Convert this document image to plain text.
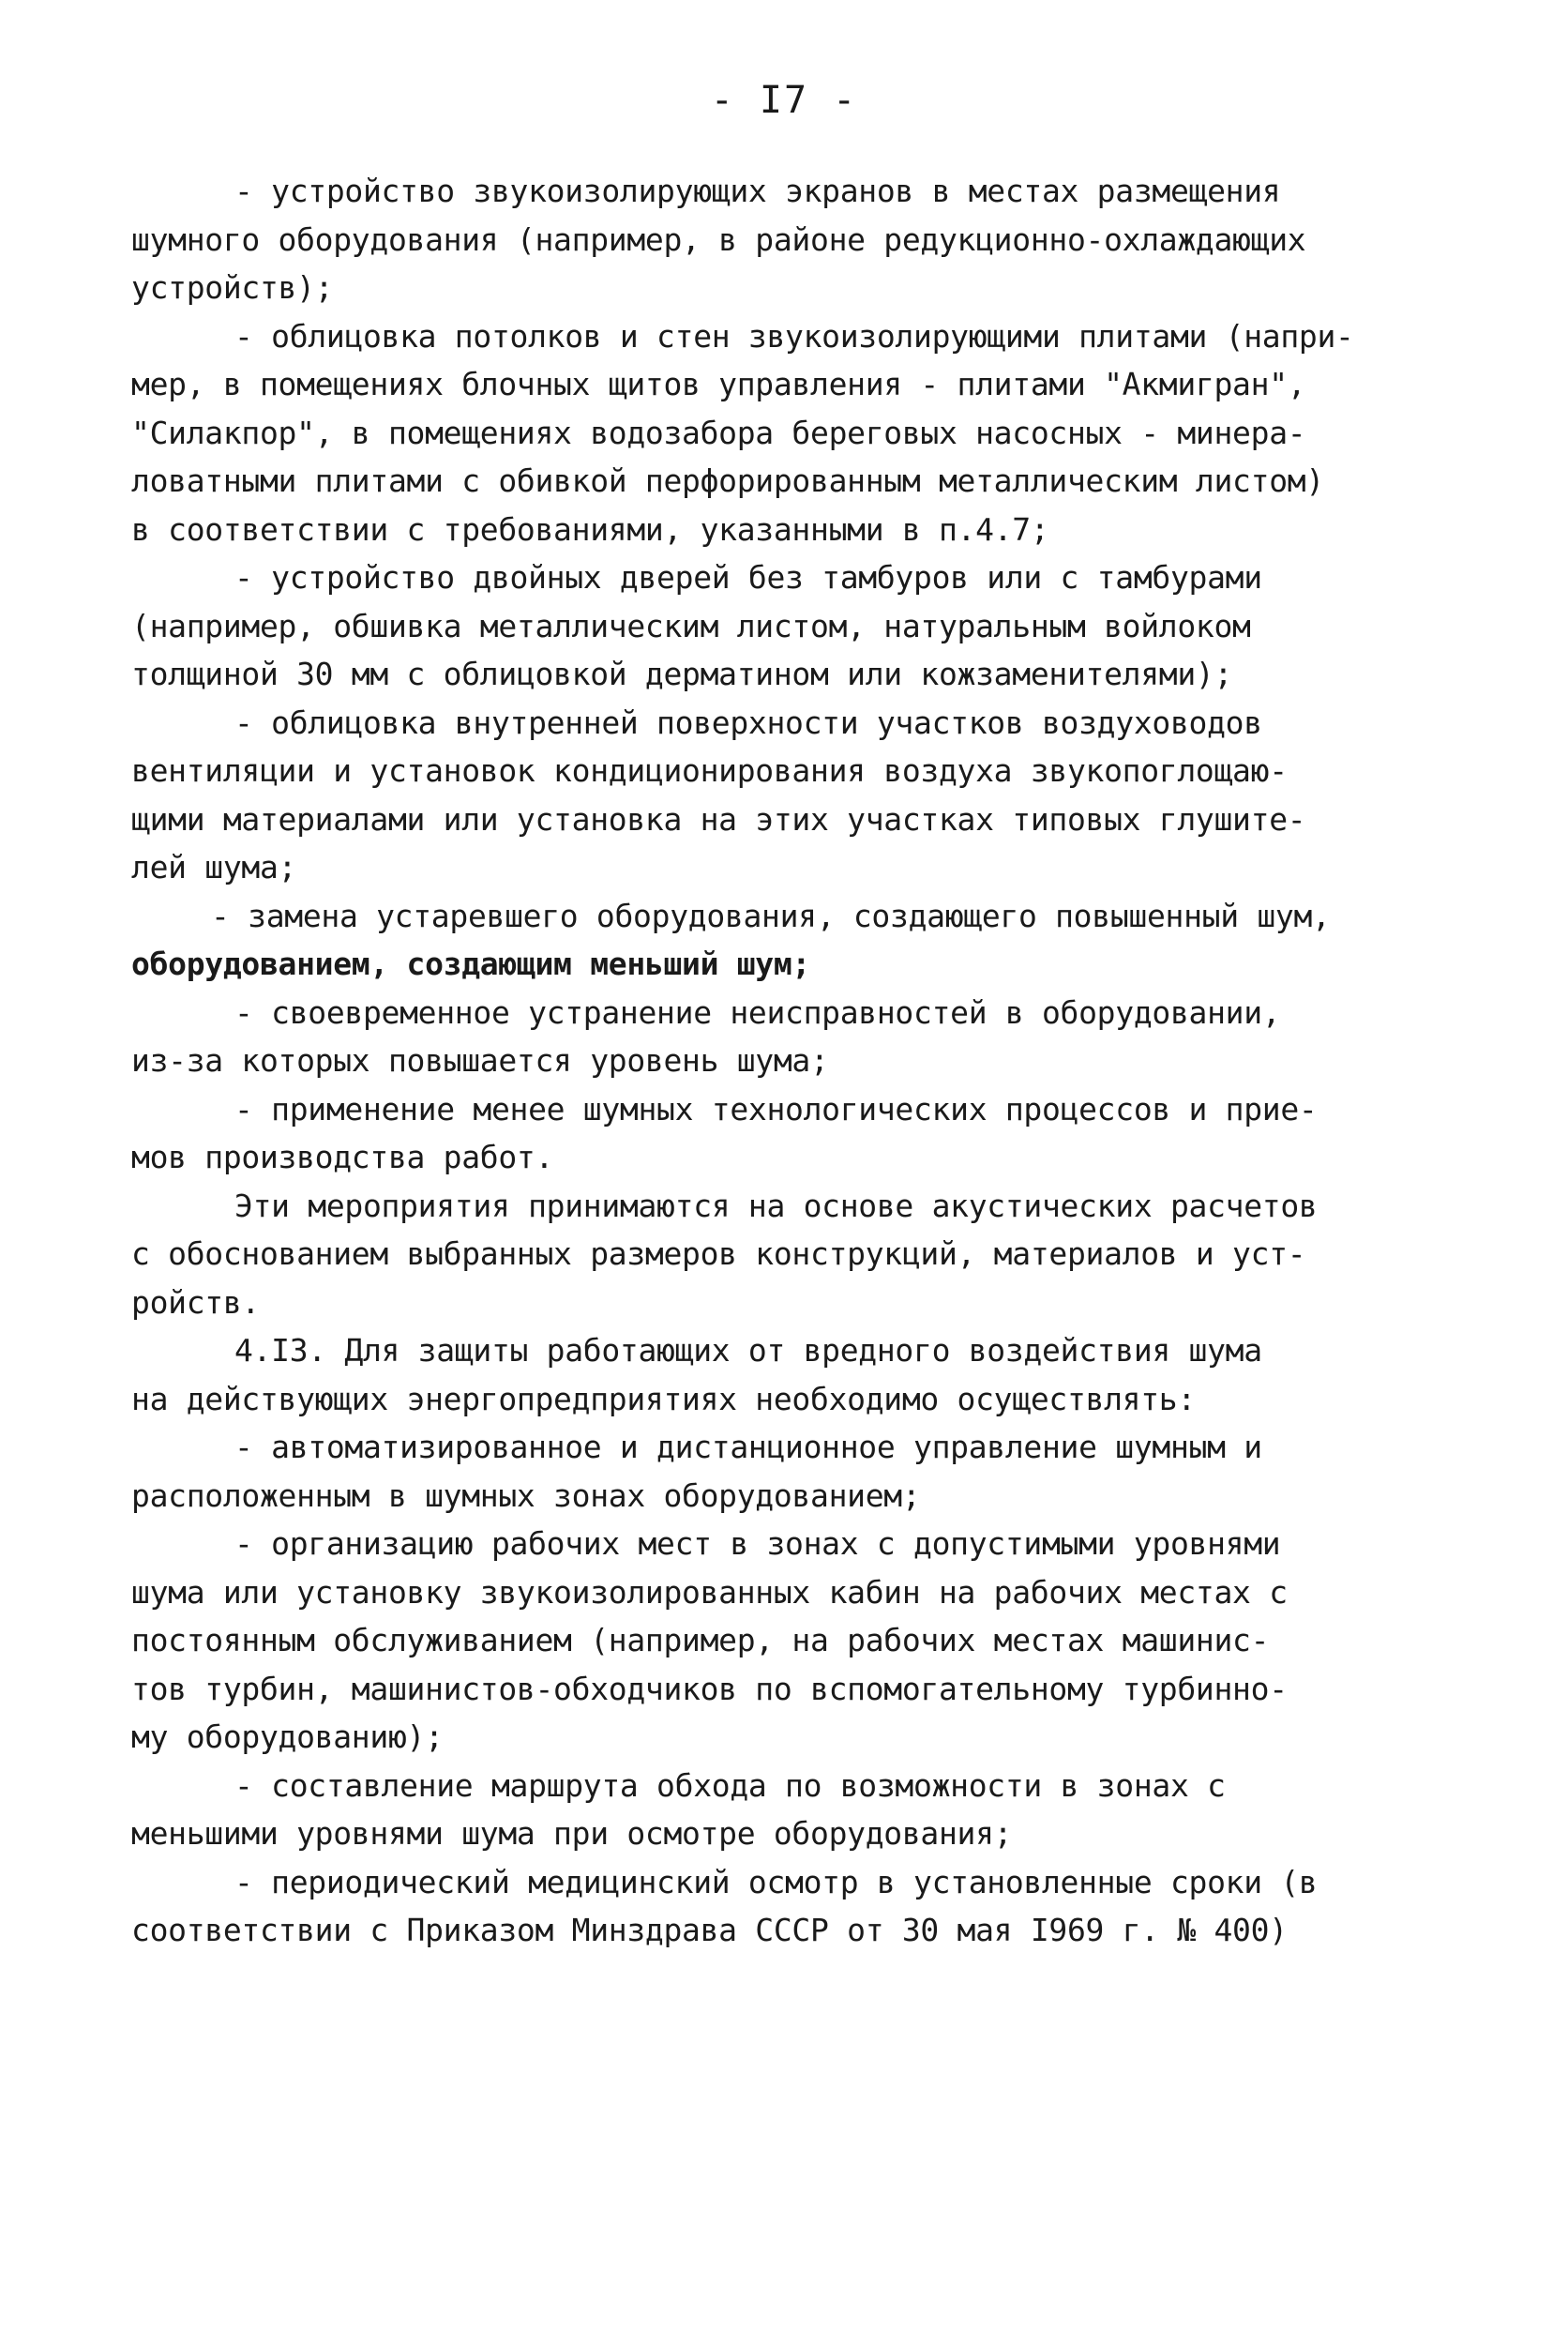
- I7 -
- устройство звукоизолирующих экранов в местах размещения
шумного оборудования (например, в районе редукционно-охлаждающих
устройств);
- облицовка потолков и стен звукоизолирующими плитами (напри-
мер, в помещениях блочных щитов управления - плитами "Акмигран",
"Силакпор", в помещениях водозабора береговых насосных - минера-
ловатными плитами с обивкой перфорированным металлическим листом)
в соответствии с требованиями, указанными в п.4.7;
- устройство двойных дверей без тамбуров или с тамбурами
(например, обшивка металлическим листом, натуральным войлоком
толщиной 30 мм с облицовкой дерматином или кожзаменителями);
- облицовка внутренней поверхности участков воздуховодов
вентиляции и установок кондиционирования воздуха звукопоглощаю-
щими материалами или установка на этих участках типовых глушите-
лей шума;
- замена устаревшего оборудования, создающего повышенный шум,
оборудованием, создающим меньший шум;
- своевременное устранение неисправностей в оборудовании,
из-за которых повышается уровень шума;
- применение менее шумных технологических процессов и прие-
мов производства работ.
Эти мероприятия принимаются на основе акустических расчетов
с обоснованием выбранных размеров конструкций, материалов и уст-
ройств.
4.I3. Для защиты работающих от вредного воздействия шума
на действующих энергопредприятиях необходимо осуществлять:
- автоматизированное и дистанционное управление шумным и
расположенным в шумных зонах оборудованием;
- организацию рабочих мест в зонах с допустимыми уровнями
шума или установку звукоизолированных кабин на рабочих местах с
постоянным обслуживанием (например, на рабочих местах машинис-
тов турбин, машинистов-обходчиков по вспомогательному турбинно-
му оборудованию);
- составление маршрута обхода по возможности в зонах с
меньшими уровнями шума при осмотре оборудования;
- периодический медицинский осмотр в установленные сроки (в
соответствии с Приказом Минздрава СССР от 30 мая I969 г. № 400)
